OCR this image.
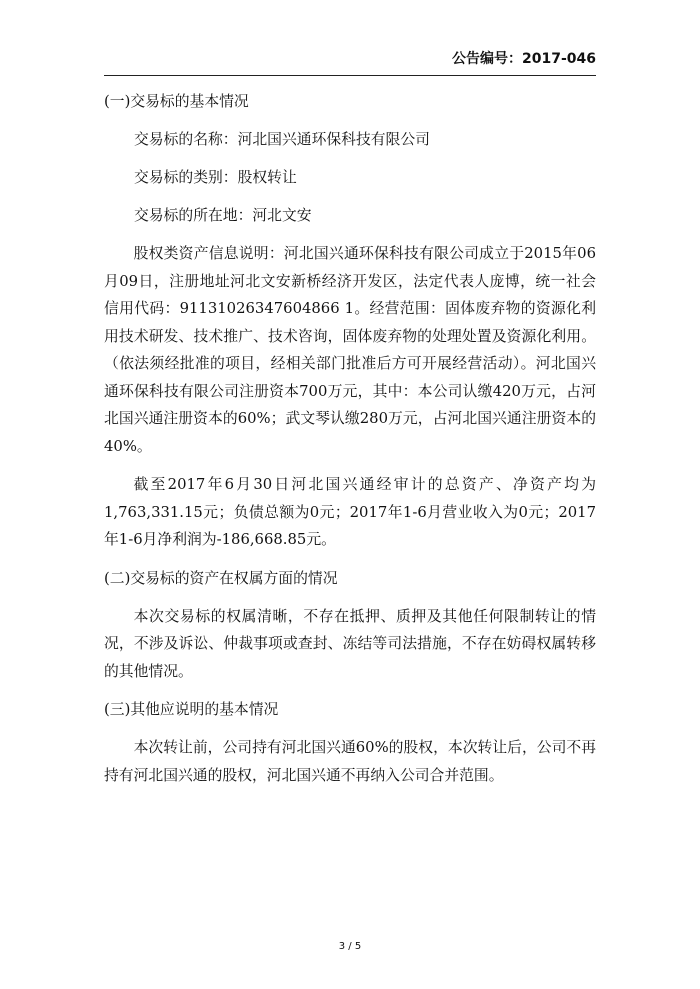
公告编号：2017-046

(一)交易标的基本情况

交易标的名称：河北国兴通环保科技有限公司

交易标的类别：股权转让

交易标的所在地：河北文安

股权类资产信息说明：河北国兴通环保科技有限公司成立于2015年06月09日，注册地址河北文安新桥经济开发区，法定代表人庞博，统一社会信用代码：91131026347604866 1。经营范围：固体废弃物的资源化利用技术研发、技术推广、技术咨询，固体废弃物的处理处置及资源化利用。（依法须经批准的项目，经相关部门批准后方可开展经营活动）。河北国兴通环保科技有限公司注册资本700万元，其中：本公司认缴420万元，占河北国兴通注册资本的60%；武文琴认缴280万元，占河北国兴通注册资本的40%。

截至2017年6月30日河北国兴通经审计的总资产、净资产均为1,763,331.15元；负债总额为0元；2017年1-6月营业收入为0元；2017年1-6月净利润为-186,668.85元。

(二)交易标的资产在权属方面的情况

本次交易标的权属清晰，不存在抵押、质押及其他任何限制转让的情况，不涉及诉讼、仲裁事项或查封、冻结等司法措施，不存在妨碍权属转移的其他情况。

(三)其他应说明的基本情况

本次转让前，公司持有河北国兴通60%的股权，本次转让后，公司不再持有河北国兴通的股权，河北国兴通不再纳入公司合并范围。

3 / 5
